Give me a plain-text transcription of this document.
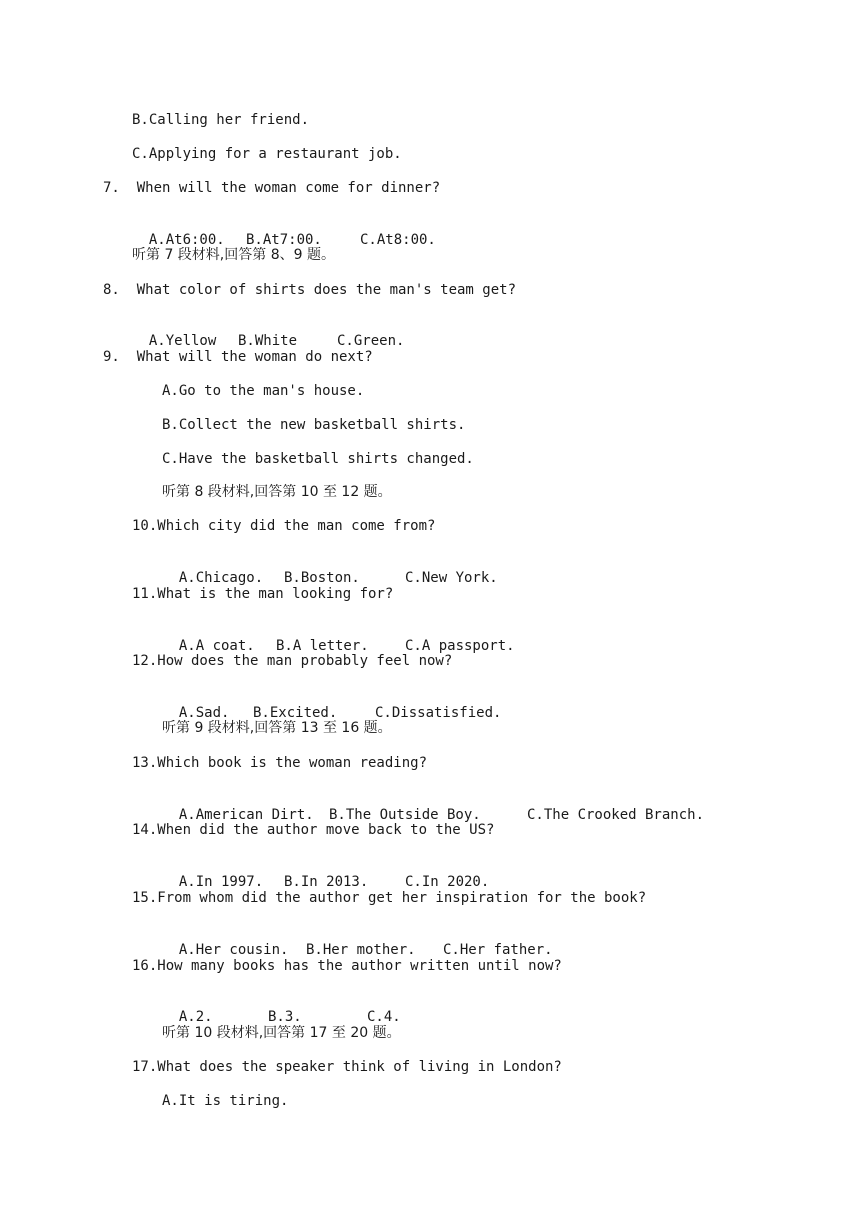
B.Calling her friend.
C.Applying for a restaurant job.
7.  When will the woman come for dinner?

A.At6:00. B.At7:00.	C.At8:00.

听第 7 段材料,回答第 8、9 题。
8.  What color of shirts does the man's team get?

A.Yellow B.White	C.Green.

9.  What will the woman do next?
A.Go to the man's house.
B.Collect the new basketball shirts.
C.Have the basketball shirts changed.
听第 8 段材料,回答第 10 至 12 题。
10.Which city did the man come from?

A.Chicago. B.Boston.	C.New York.

11.What is the man looking for?

A.A coat. B.A letter.	C.A passport.

12.How does the man probably feel now?

A.Sad. B.Excited.	C.Dissatisfied.

听第 9 段材料,回答第 13 至 16 题。
13.Which book is the woman reading?

A.American Dirt. B.The Outside Boy.	C.The Crooked Branch.

14.When did the author move back to the US?

A.In 1997. B.In 2013.	C.In 2020.

15.From whom did the author get her inspiration for the book?

A.Her cousin. B.Her mother. C.Her father.

16.How many books has the author written until now?

A.2.	B.3.	C.4.

听第 10 段材料,回答第 17 至 20 题。
17.What does the speaker think of living in London?
A.It is tiring.
